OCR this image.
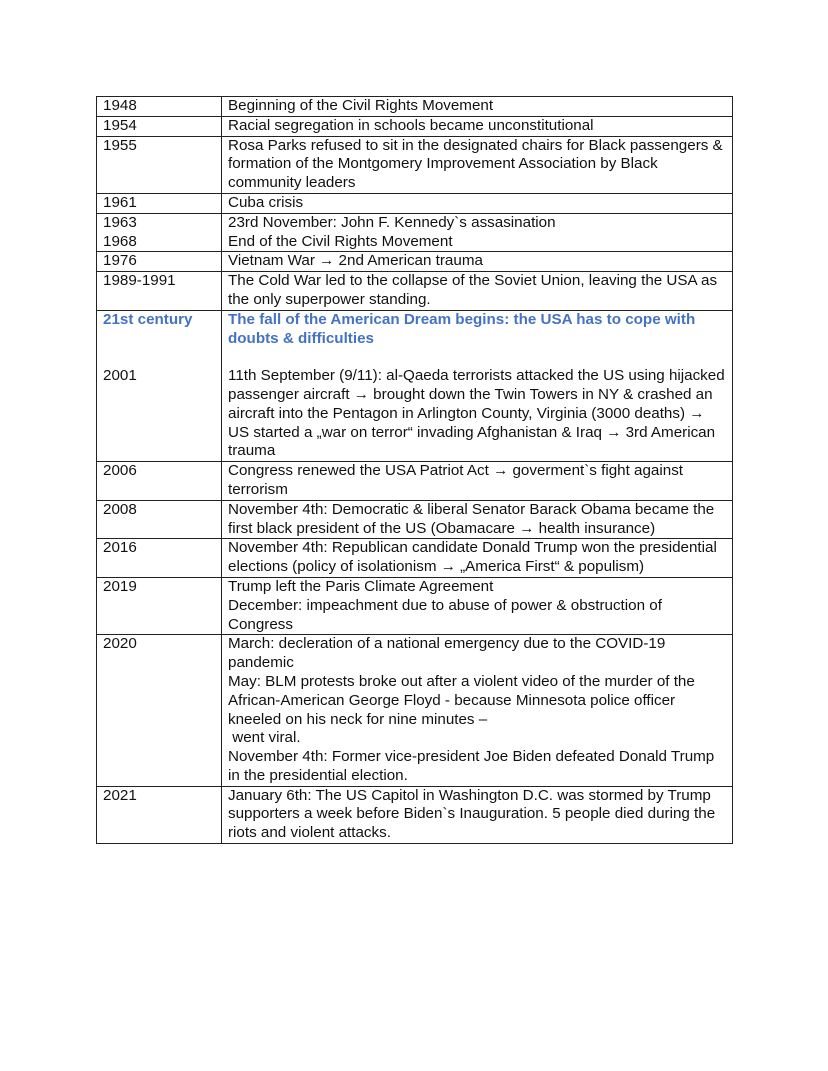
1948	Beginning of the Civil Rights Movement

1954	Racial segregation in schools became unconstitutional

1955	Rosa Parks refused to sit in the designated chairs for Black passengers & formation of the Montgomery Improvement Association by Black community leaders

1961	Cuba crisis

1963	23rd November: John F. Kennedy`s assasination

1968	End of the Civil Rights Movement

1976	Vietnam War → 2nd American trauma

1989-1991	The Cold War led to the collapse of the Soviet Union, leaving the USA as the only superpower standing.

21st century	The fall of the American Dream begins: the USA has to cope with doubts & difficulties

2001	11th September (9/11): al-Qaeda terrorists attacked the US using hijacked passenger aircraft → brought down the Twin Towers in NY & crashed an aircraft into the Pentagon in Arlington County, Virginia (3000 deaths) → US started a „war on terror“ invading Afghanistan & Iraq → 3rd American trauma

2006	Congress renewed the USA Patriot Act → goverment`s fight against terrorism

2008	November 4th: Democratic & liberal Senator Barack Obama became the first black president of the US (Obamacare → health insurance)

2016	November 4th: Republican candidate Donald Trump won the presidential elections (policy of isolationism → „America First“ & populism)

2019	Trump left the Paris Climate Agreement
December: impeachment due to abuse of power & obstruction of Congress

2020	March: decleration of a national emergency due to the COVID-19 pandemic
May: BLM protests broke out after a violent video of the murder of the African-American George Floyd - because Minnesota police officer kneeled on his neck for nine minutes –
went viral.
November 4th: Former vice-president Joe Biden defeated Donald Trump in the presidential election.

2021	January 6th: The US Capitol in Washington D.C. was stormed by Trump supporters a week before Biden`s Inauguration. 5 people died during the riots and violent attacks.
